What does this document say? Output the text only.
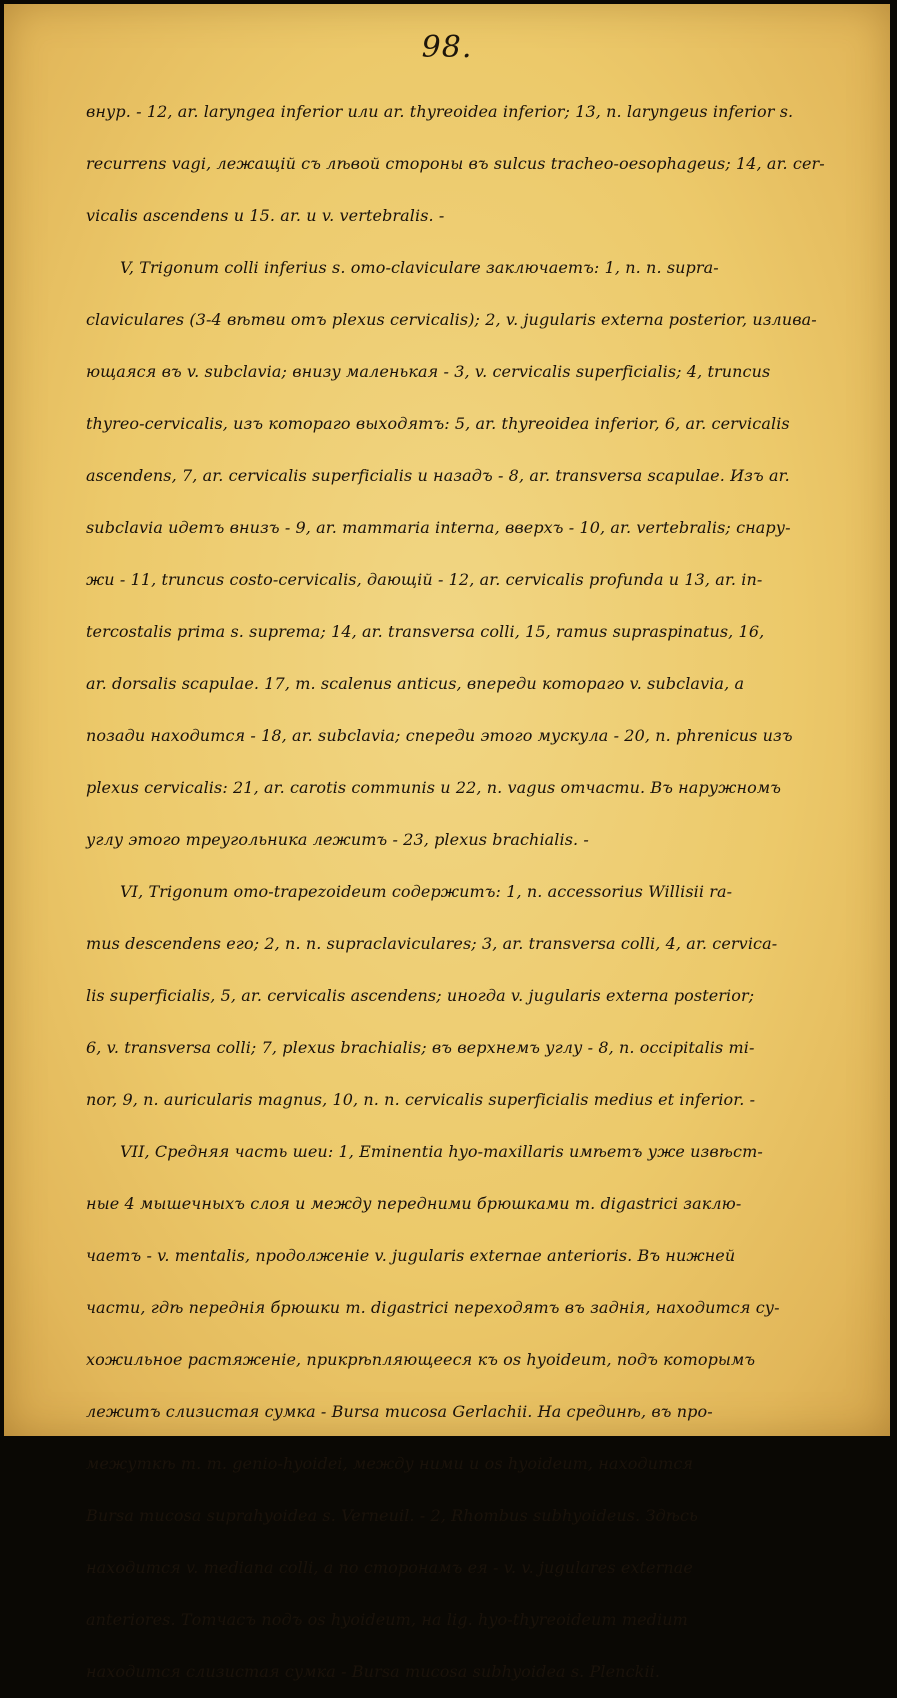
98.
внур. - 12, ar. laryngea inferior или ar. thyreoidea inferior; 13, n. laryngeus inferior s.
recurrens vagi, лежащiй съ лѣвой стороны въ sulcus tracheo-oesophageus; 14, ar. cer-
vicalis ascendens и 15. ar. и v. vertebralis. -
V, Trigonum colli inferius s. omo-claviculare заключаетъ: 1, n. n. supra-
claviculares (3-4 вѣтви отъ plexus cervicalis); 2, v. jugularis externa posterior, изливa-
ющаяся въ v. subclavia; внизу маленькая - 3, v. cervicalis superficialis; 4, truncus
thyreo-cervicalis, изъ котораго выходятъ: 5, ar. thyreoidea inferior, 6, ar. cervicalis
ascendens, 7, ar. cervicalis superficialis и назадъ - 8, ar. transversa scapulae. Изъ ar.
subclavia идетъ внизъ - 9, ar. mammaria interna, вверхъ - 10, ar. vertebralis; снару-
жи - 11, truncus costo-cervicalis, дающiй - 12, ar. cervicalis profunda и 13, ar. in-
tercostalis prima s. suprema; 14, ar. transversa colli, 15, ramus supraspinatus, 16,
ar. dorsalis scapulae. 17, m. scalenus anticus, впереди котораго v. subclavia, а
позади находится - 18, ar. subclavia; спереди этого мускула - 20, n. phrenicus изъ
plexus cervicalis: 21, ar. carotis communis и 22, n. vagus отчасти. Въ наружномъ
углу этого треугольника лежитъ - 23, plexus brachialis. -
VI, Trigonum omo-trapezoideum содержитъ: 1, n. accessorius Willisii ra-
mus descendens его; 2, n. n. supraclaviculares; 3, ar. transversa colli, 4, ar. cervica-
lis superficialis, 5, ar. cervicalis ascendens; иногда v. jugularis externa posterior;
6, v. transversa colli; 7, plexus brachialis; въ верхнемъ углу - 8, n. occipitalis mi-
nor, 9, n. auricularis magnus, 10, n. n. cervicalis superficialis medius et inferior. -
VII, Средняя часть шеи: 1, Eminentia hyo-maxillaris имѣетъ уже извѣст-
ные 4 мышечныхъ слоя и между передними брюшками m. digastrici заклю-
чаетъ - v. mentalis, продолженiе v. jugularis externae anterioris. Въ нижней
части, гдѣ переднiя брюшки m. digastrici переходятъ въ заднiя, находится су-
хожильное растяженiе, прикрѣпляющееся къ os hyoideum, подъ которымъ
лежитъ слизистая сумка - Bursa mucosa Gerlachii. На срединѣ, въ про-
межуткѣ m. m. genio-hyoidei, между ними и os hyoideum, находится
Bursa mucosa suprahyoidea s. Verneuil. - 2, Rhombus subhyoideus. Здѣсь
находится v. mediana colli, а по сторонамъ ея - v. v. jugulares externae
anteriores. Тотчасъ подъ os hyoideum, на lig. hyo-thyreoideum medium
находится слизистая сумка - Bursa mucosa subhyoidea s. Plenckii.
